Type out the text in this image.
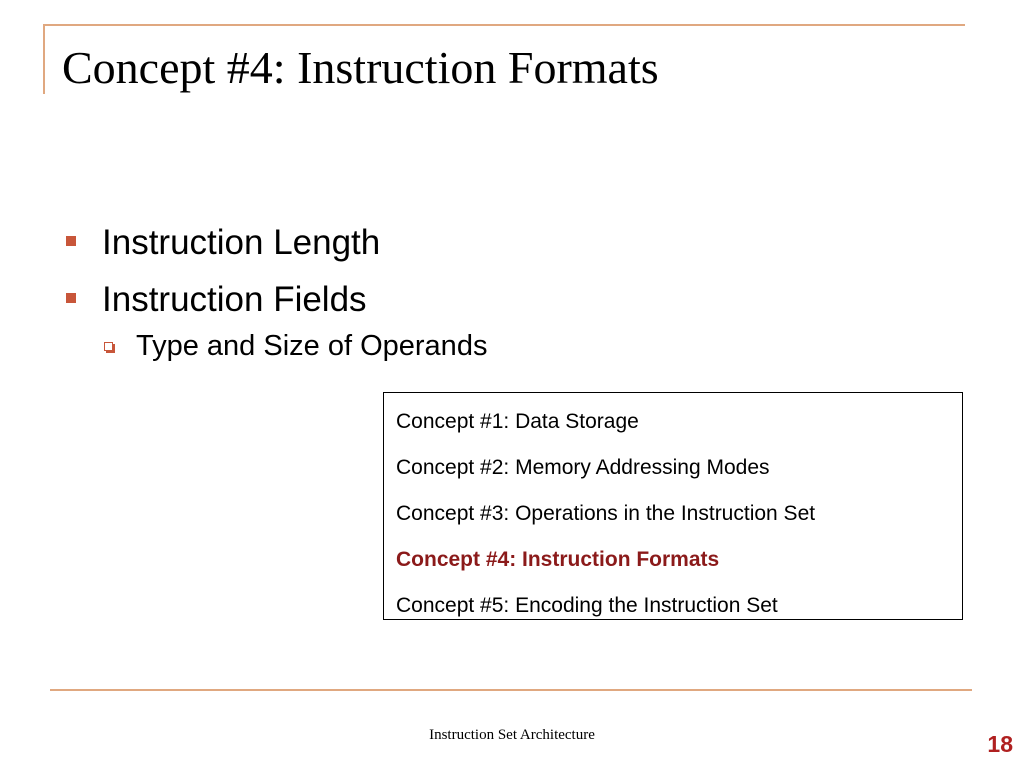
Concept #4: Instruction Formats
Instruction Length
Instruction Fields
Type and Size of Operands
Concept #1: Data Storage
Concept #2: Memory Addressing Modes
Concept #3: Operations in the Instruction Set
Concept #4: Instruction Formats
Concept #5: Encoding the Instruction Set
Instruction Set Architecture	18
